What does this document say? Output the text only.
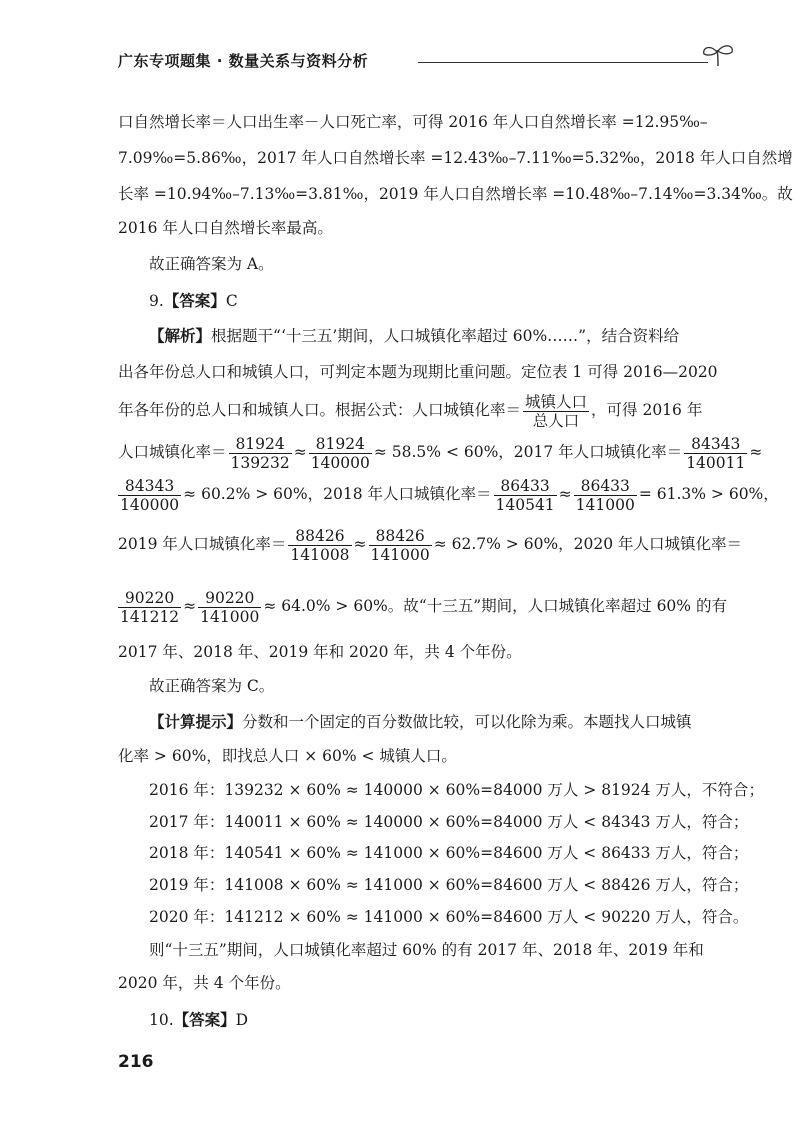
广东专项题集 · 数量关系与资料分析
口自然增长率＝人口出生率－人口死亡率，可得 2016 年人口自然增长率 =12.95‰–
7.09‰=5.86‰，2017 年人口自然增长率 =12.43‰–7.11‰=5.32‰，2018 年人口自然增
长率 =10.94‰–7.13‰=3.81‰，2019 年人口自然增长率 =10.48‰–7.14‰=3.34‰。故
2016 年人口自然增长率最高。
故正确答案为 A。
9.【答案】C
【解析】根据题干“‘十三五’期间，人口城镇化率超过 60%……”，结合资料给
出各年份总人口和城镇人口，可判定本题为现期比重问题。定位表 1 可得 2016—2020
年各年份的总人口和城镇人口。根据公式：人口城镇化率＝ $\frac{\text{城镇人口}}{\text{总人口}}$ ，可得 2016 年
人口城镇化率＝ $\frac{81924}{139232} \approx \frac{81924}{140000} \approx 58.5\% < 60\%$，2017 年人口城镇化率＝ $\frac{84343}{140011}$ ≈
$\frac{84343}{140000} \approx 60.2\% > 60\%$，2018 年人口城镇化率＝ $\frac{86433}{140541} \approx \frac{86433}{141000} = 61.3\% > 60\%$，
2019 年人口城镇化率＝ $\frac{88426}{141008} \approx \frac{88426}{141000} \approx 62.7\% > 60\%$，2020 年人口城镇化率＝
$\frac{90220}{141212} \approx \frac{90220}{141000} \approx 64.0\% > 60\%$。故“十三五”期间，人口城镇化率超过 60% 的有
2017 年、2018 年、2019 年和 2020 年，共 4 个年份。
故正确答案为 C。
【计算提示】分数和一个固定的百分数做比较，可以化除为乘。本题找人口城镇
化率 > 60%，即找总人口 × 60% < 城镇人口。
2016 年：139232 × 60% ≈ 140000 × 60%=84000 万人 > 81924 万人，不符合；
2017 年：140011 × 60% ≈ 140000 × 60%=84000 万人 < 84343 万人，符合；
2018 年：140541 × 60% ≈ 141000 × 60%=84600 万人 < 86433 万人，符合；
2019 年：141008 × 60% ≈ 141000 × 60%=84600 万人 < 88426 万人，符合；
2020 年：141212 × 60% ≈ 141000 × 60%=84600 万人 < 90220 万人，符合。
则“十三五”期间，人口城镇化率超过 60% 的有 2017 年、2018 年、2019 年和
2020 年，共 4 个年份。
10.【答案】D
216
